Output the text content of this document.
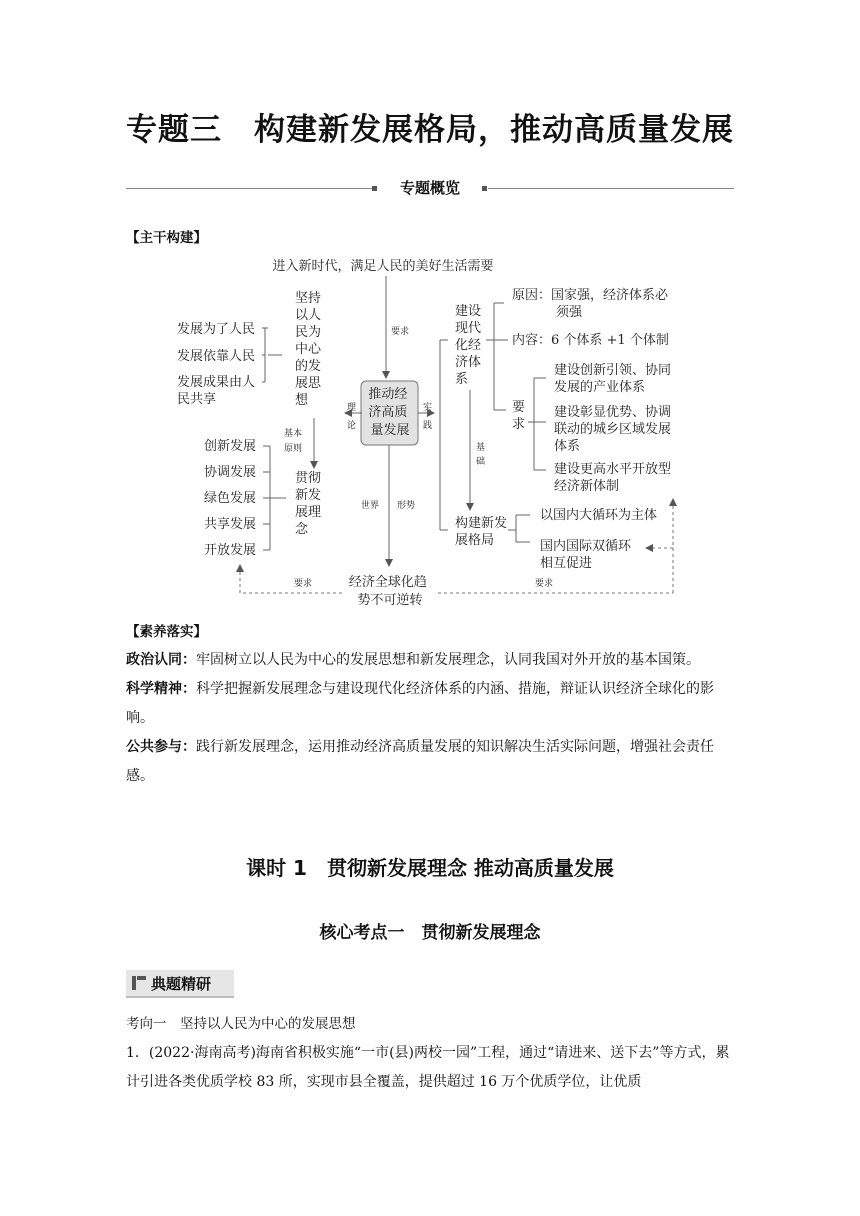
专题三　构建新发展格局，推动高质量发展
专题概览
【主干构建】
进入新时代，满足人民的美好生活需要
要求
推动经 济高质 量发展
理 论
实 践
世界 形势
经济全球化趋 势不可逆转
坚持 以人 民为 中心 的发 展思 想
发展为了人民
发展依靠人民
发展成果由人 民共享
基本 原则
贯彻 新发 展理 念
创新发展
协调发展
绿色发展
共享发展
开放发展
建设 现代 化经 济体 系
原因：国家强，经济体系必 须强
内容：6 个体系 +1 个体制
要 求
建设创新引领、协同 发展的产业体系
建设彰显优势、协调 联动的城乡区域发展 体系
建设更高水平开放型 经济新体制
基 础
构建新发 展格局
以国内大循环为主体
国内国际双循环 相互促进
要求	要求
【素养落实】
政治认同：牢固树立以人民为中心的发展思想和新发展理念，认同我国对外开放的基本国策。
科学精神：科学把握新发展理念与建设现代化经济体系的内涵、措施，辩证认识经济全球化的影响。
公共参与：践行新发展理念，运用推动经济高质量发展的知识解决生活实际问题，增强社会责任感。
课时 1　贯彻新发展理念 推动高质量发展
核心考点一　贯彻新发展理念
典题精研
考向一　坚持以人民为中心的发展思想
1．(2022·海南高考)海南省积极实施“一市(县)两校一园”工程，通过“请进来、送下去”等方式，累计引进各类优质学校 83 所，实现市县全覆盖，提供超过 16 万个优质学位，让优质
